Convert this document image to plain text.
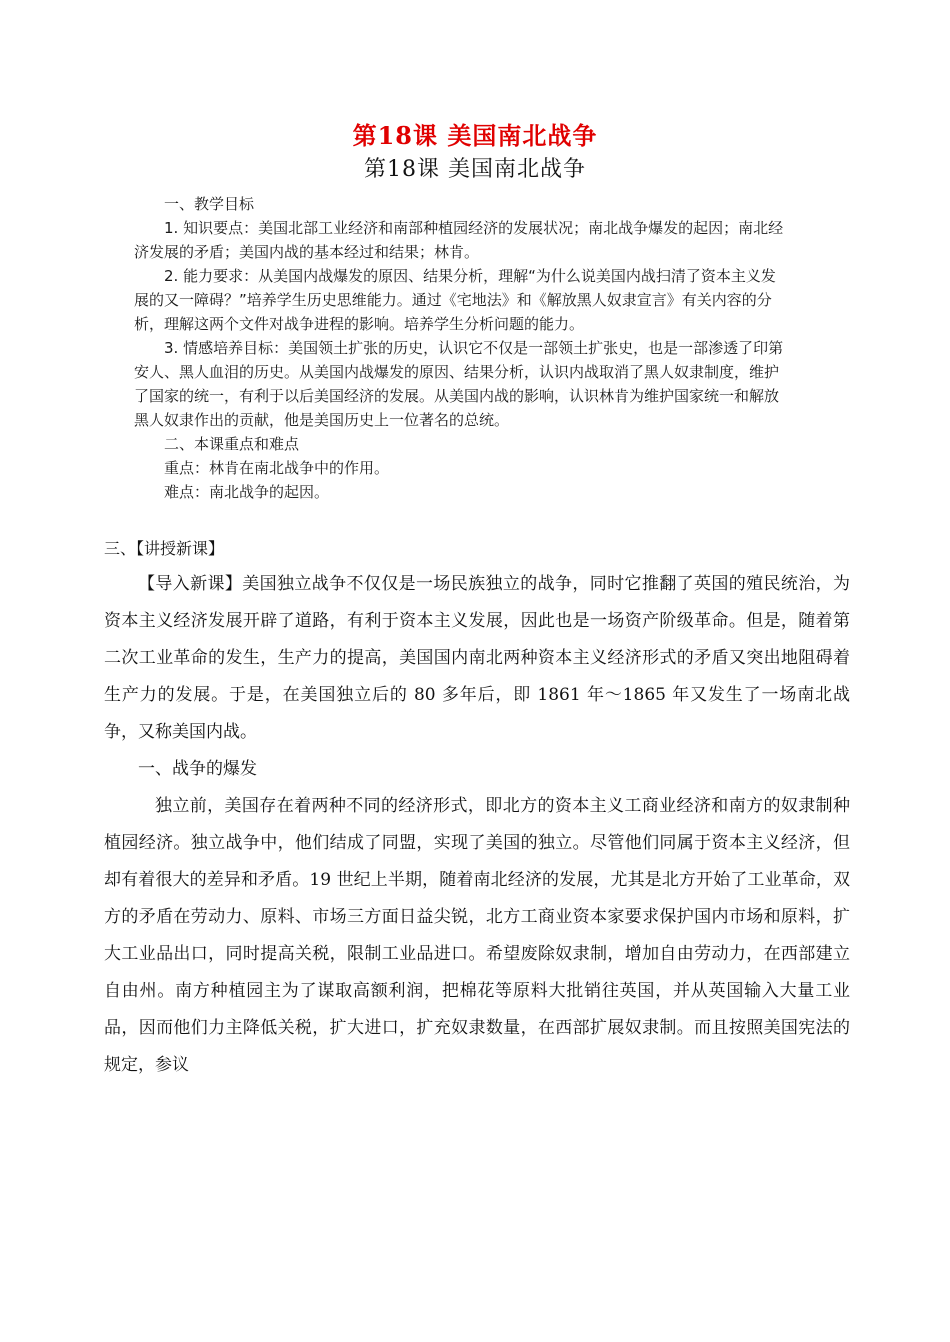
第18课 美国南北战争
第18课 美国南北战争

一、教学目标

1. 知识要点：美国北部工业经济和南部种植园经济的发展状况；南北战争爆发的起因；南北经济发展的矛盾；美国内战的基本经过和结果；林肯。

2. 能力要求：从美国内战爆发的原因、结果分析，理解“为什么说美国内战扫清了资本主义发展的又一障碍？”培养学生历史思维能力。通过《宅地法》和《解放黑人奴隶宣言》有关内容的分析，理解这两个文件对战争进程的影响。培养学生分析问题的能力。

3. 情感培养目标：美国领土扩张的历史，认识它不仅是一部领土扩张史，也是一部渗透了印第安人、黑人血泪的历史。从美国内战爆发的原因、结果分析，认识内战取消了黑人奴隶制度，维护了国家的统一，有利于以后美国经济的发展。从美国内战的影响，认识林肯为维护国家统一和解放黑人奴隶作出的贡献，他是美国历史上一位著名的总统。

二、本课重点和难点

重点：林肯在南北战争中的作用。

难点：南北战争的起因。

三、【讲授新课】

【导入新课】美国独立战争不仅仅是一场民族独立的战争，同时它推翻了英国的殖民统治，为资本主义经济发展开辟了道路，有利于资本主义发展，因此也是一场资产阶级革命。但是，随着第二次工业革命的发生，生产力的提高，美国国内南北两种资本主义经济形式的矛盾又突出地阻碍着生产力的发展。于是，在美国独立后的 80 多年后，即 1861 年～1865 年又发生了一场南北战争，又称美国内战。

一、战争的爆发

独立前，美国存在着两种不同的经济形式，即北方的资本主义工商业经济和南方的奴隶制种植园经济。独立战争中，他们结成了同盟，实现了美国的独立。尽管他们同属于资本主义经济，但却有着很大的差异和矛盾。19 世纪上半期，随着南北经济的发展，尤其是北方开始了工业革命，双方的矛盾在劳动力、原料、市场三方面日益尖锐，北方工商业资本家要求保护国内市场和原料，扩大工业品出口，同时提高关税，限制工业品进口。希望废除奴隶制，增加自由劳动力，在西部建立自由州。南方种植园主为了谋取高额利润，把棉花等原料大批销往英国，并从英国输入大量工业品，因而他们力主降低关税，扩大进口，扩充奴隶数量，在西部扩展奴隶制。而且按照美国宪法的规定，参议
